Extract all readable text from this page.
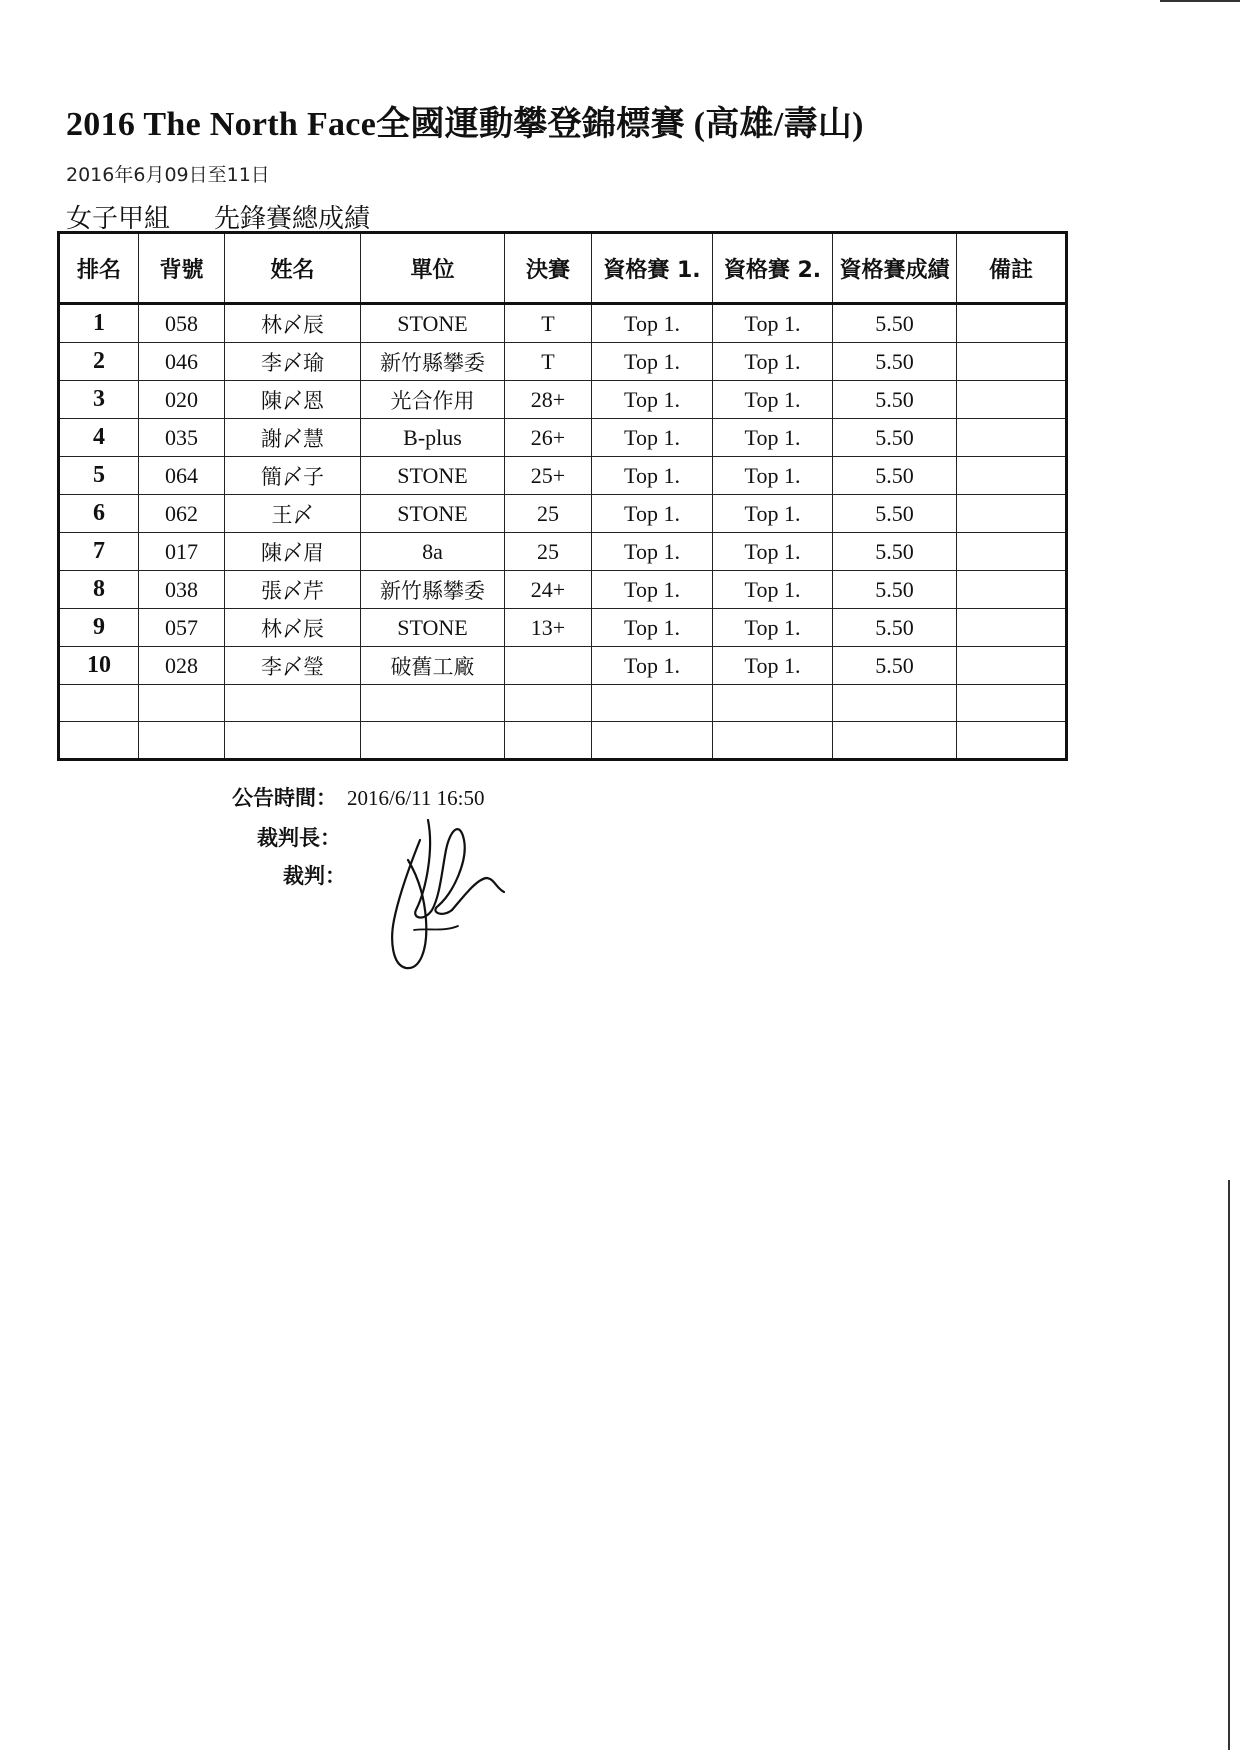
2016 The North Face全國運動攀登錦標賽 (高雄/壽山)
2016年6月09日至11日
女子甲組 先鋒賽總成績
排名	背號	姓名	單位	決賽	資格賽 1.	資格賽 2.	資格賽成績	備註
1	058	林〆辰	STONE	T	Top 1.	Top 1.	5.50	
2	046	李〆瑜	新竹縣攀委	T	Top 1.	Top 1.	5.50	
3	020	陳〆恩	光合作用	28+	Top 1.	Top 1.	5.50	
4	035	謝〆慧	B-plus	26+	Top 1.	Top 1.	5.50	
5	064	簡〆子	STONE	25+	Top 1.	Top 1.	5.50	
6	062	王〆	STONE	25	Top 1.	Top 1.	5.50	
7	017	陳〆眉	8a	25	Top 1.	Top 1.	5.50	
8	038	張〆芹	新竹縣攀委	24+	Top 1.	Top 1.	5.50	
9	057	林〆辰	STONE	13+	Top 1.	Top 1.	5.50	
10	028	李〆瑩	破舊工廠		Top 1.	Top 1.	5.50	

公告時間： 2016/6/11 16:50
裁判長：
裁判：
